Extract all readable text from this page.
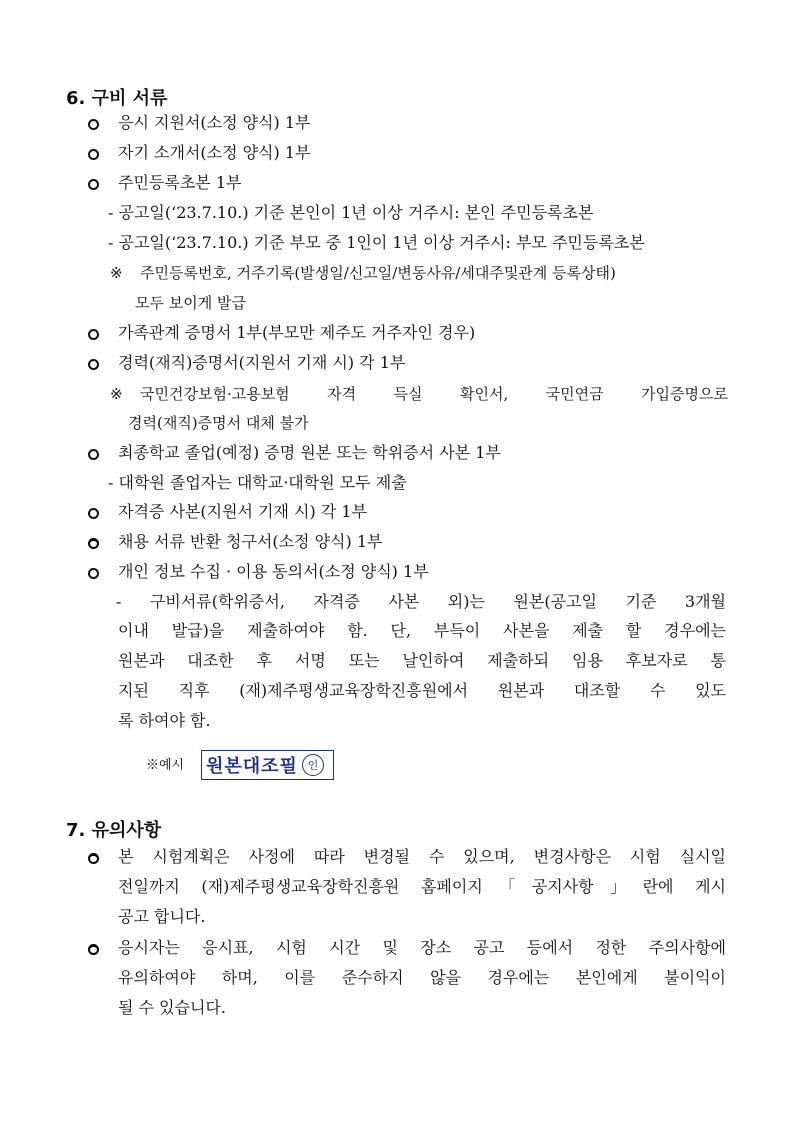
6. 구비 서류
응시 지원서(소정 양식) 1부
자기 소개서(소정 양식) 1부
주민등록초본 1부
- 공고일(‘23.7.10.) 기준 본인이 1년 이상 거주시: 본인 주민등록초본
- 공고일(‘23.7.10.) 기준 부모 중 1인이 1년 이상 거주시: 부모 주민등록초본
※ 주민등록번호, 거주기록(발생일/신고일/변동사유/세대주및관계 등록상태)
모두 보이게 발급
가족관계 증명서 1부(부모만 제주도 거주자인 경우)
경력(재직)증명서(지원서 기재 시) 각 1부
※ 국민건강보험·고용보험 자격 득실 확인서, 국민연금 가입증명으로
경력(재직)증명서 대체 불가
최종학교 졸업(예정) 증명 원본 또는 학위증서 사본 1부
- 대학원 졸업자는 대학교·대학원 모두 제출
자격증 사본(지원서 기재 시) 각 1부
채용 서류 반환 청구서(소정 양식) 1부
개인 정보 수집 · 이용 동의서(소정 양식) 1부
- 구비서류(학위증서, 자격증 사본 외)는 원본(공고일 기준 3개월
이내 발급)을 제출하여야 함. 단, 부득이 사본을 제출 할 경우에는
원본과 대조한 후 서명 또는 날인하여 제출하되 임용 후보자로 통
지된 직후 (재)제주평생교육장학진흥원에서 원본과 대조할 수 있도
록 하여야 함.
※예시 원본대조필 인
7. 유의사항
본 시험계획은 사정에 따라 변경될 수 있으며, 변경사항은 시험 실시일
전일까지 (재)제주평생교육장학진흥원 홈페이지「공지사항」란에 게시
공고 합니다.
응시자는 응시표, 시험 시간 및 장소 공고 등에서 정한 주의사항에
유의하여야 하며, 이를 준수하지 않을 경우에는 본인에게 불이익이
될 수 있습니다.
